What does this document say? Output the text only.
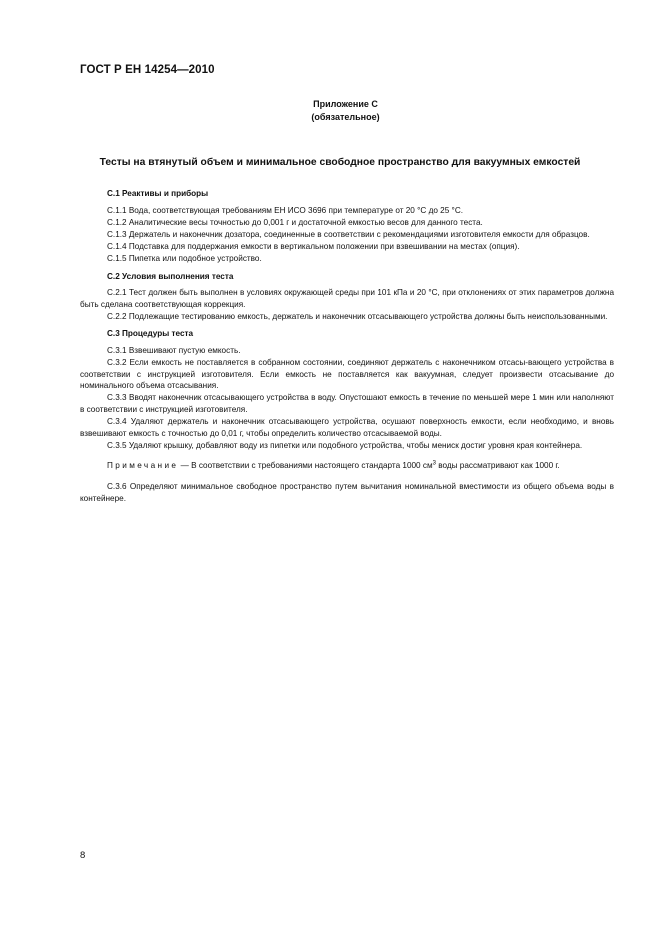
ГОСТ Р ЕН 14254—2010
Приложение С
(обязательное)
Тесты на втянутый объем и минимальное свободное пространство для вакуумных емкостей
С.1 Реактивы и приборы
С.1.1 Вода, соответствующая требованиям ЕН ИСО 3696 при температуре от 20 °С до 25 °С.
С.1.2 Аналитические весы точностью до 0,001 г и достаточной емкостью весов для данного теста.
С.1.3 Держатель и наконечник дозатора, соединенные в соответствии с рекомендациями изготовителя емкости для образцов.
С.1.4 Подставка для поддержания емкости в вертикальном положении при взвешивании на местах (опция).
С.1.5 Пипетка или подобное устройство.
С.2 Условия выполнения теста
С.2.1 Тест должен быть выполнен в условиях окружающей среды при 101 кПа и 20 °С, при отклонениях от этих параметров должна быть сделана соответствующая коррекция.
С.2.2 Подлежащие тестированию емкость, держатель и наконечник отсасывающего устройства должны быть неиспользованными.
С.3 Процедуры теста
С.3.1 Взвешивают пустую емкость.
С.3.2 Если емкость не поставляется в собранном состоянии, соединяют держатель с наконечником отсасы-вающего устройства в соответствии с инструкцией изготовителя. Если емкость не поставляется как вакуумная, следует произвести отсасывание до номинального объема отсасывания.
С.3.3 Вводят наконечник отсасывающего устройства в воду. Опустошают емкость в течение по меньшей мере 1 мин или наполняют в соответствии с инструкцией изготовителя.
С.3.4 Удаляют держатель и наконечник отсасывающего устройства, осушают поверхность емкости, если необходимо, и вновь взвешивают емкость с точностью до 0,01 г, чтобы определить количество отсасываемой воды.
С.3.5 Удаляют крышку, добавляют воду из пипетки или подобного устройства, чтобы мениск достиг уровня края контейнера.
Примечание — В соответствии с требованиями настоящего стандарта 1000 $см^3$ воды рассматривают как 1000 г.
С.3.6 Определяют минимальное свободное пространство путем вычитания номинальной вместимости из общего объема воды в контейнере.
8
